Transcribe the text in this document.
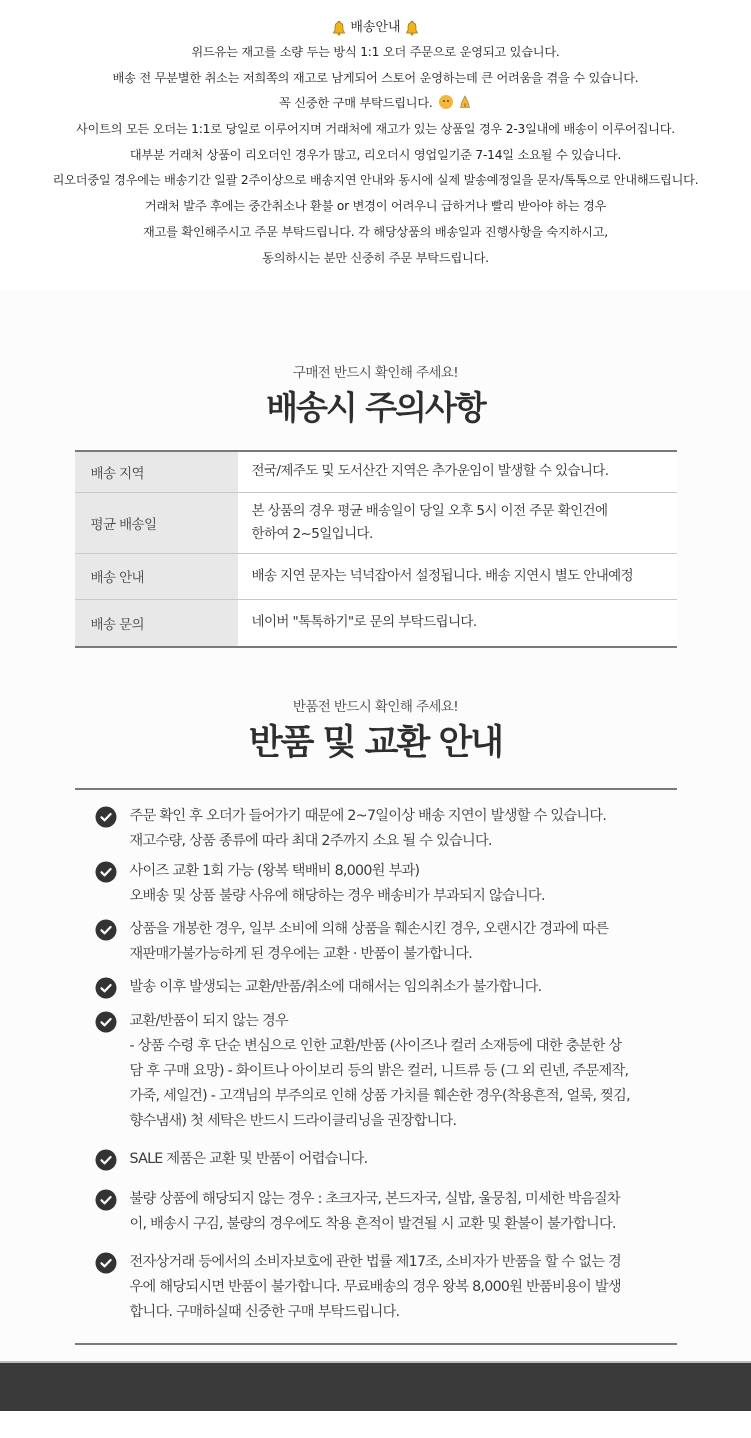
배송안내
위드유는 재고를 소량 두는 방식 1:1 오더 주문으로 운영되고 있습니다.
배송 전 무분별한 취소는 저희쪽의 재고로 남게되어 스토어 운영하는데 큰 어려움을 겪을 수 있습니다.
꼭 신중한 구매 부탁드립니다.
사이트의 모든 오더는 1:1로 당일로 이루어지며 거래처에 재고가 있는 상품일 경우 2-3일내에 배송이 이루어집니다.
대부분 거래처 상품이 리오더인 경우가 많고, 리오더시 영업일기준 7-14일 소요될 수 있습니다.
리오더중일 경우에는 배송기간 일괄 2주이상으로 배송지연 안내와 동시에 실제 발송예정일을 문자/톡톡으로 안내해드립니다.
거래처 발주 후에는 중간취소나 환불 or 변경이 어려우니 급하거나 빨리 받아야 하는 경우
재고를 확인해주시고 주문 부탁드립니다. 각 해당상품의 배송일과 진행사항을 숙지하시고,
동의하시는 분만 신중히 주문 부탁드립니다.
구매전 반드시 확인해 주세요!
배송시 주의사항
배송 지역	전국/제주도 및 도서산간 지역은 추가운임이 발생할 수 있습니다.
평균 배송일	본 상품의 경우 평균 배송일이 당일 오후 5시 이전 주문 확인건에
한하여 2~5일입니다.

배송 안내	배송 지연 문자는 넉넉잡아서 설정됩니다. 배송 지연시 별도 안내예정
배송 문의	네이버 "톡톡하기"로 문의 부탁드립니다.
반품전 반드시 확인해 주세요!
반품 및 교환 안내
주문 확인 후 오더가 들어가기 때문에 2~7일이상 배송 지연이 발생할 수 있습니다.
재고수량, 상품 종류에 따라 최대 2주까지 소요 될 수 있습니다.
사이즈 교환 1회 가능 (왕복 택배비 8,000원 부과)
오배송 및 상품 불량 사유에 해당하는 경우 배송비가 부과되지 않습니다.
상품을 개봉한 경우, 일부 소비에 의해 상품을 훼손시킨 경우, 오랜시간 경과에 따른
재판매가불가능하게 된 경우에는 교환 · 반품이 불가합니다.
발송 이후 발생되는 교환/반품/취소에 대해서는 임의취소가 불가합니다.
교환/반품이 되지 않는 경우
- 상품 수령 후 단순 변심으로 인한 교환/반품 (사이즈나 컬러 소재등에 대한 충분한 상
담 후 구매 요망) - 화이트나 아이보리 등의 밝은 컬러, 니트류 등 (그 외 린넨, 주문제작,
가죽, 세일건) - 고객님의 부주의로 인해 상품 가치를 훼손한 경우(착용흔적, 얼룩, 찢김,
향수냄새) 첫 세탁은 반드시 드라이클리닝을 권장합니다.
SALE 제품은 교환 및 반품이 어렵습니다.
불량 상품에 해당되지 않는 경우 : 초크자국, 본드자국, 실밥, 울뭉침, 미세한 박음질차
이, 배송시 구김, 불량의 경우에도 착용 흔적이 발견될 시 교환 및 환불이 불가합니다.
전자상거래 등에서의 소비자보호에 관한 법률 제17조, 소비자가 반품을 할 수 없는 경
우에 해당되시면 반품이 불가합니다. 무료배송의 경우 왕복 8,000원 반품비용이 발생
합니다. 구매하실때 신중한 구매 부탁드립니다.
